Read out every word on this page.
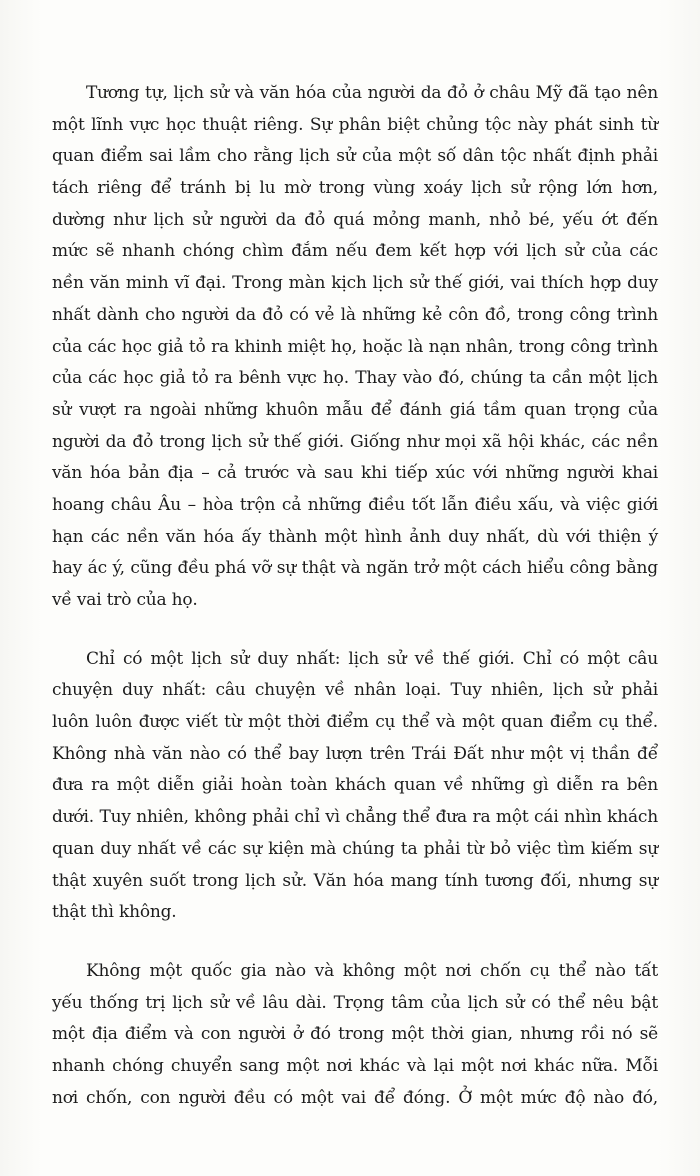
Tương tự, lịch sử và văn hóa của người da đỏ ở châu Mỹ đã tạo nên
một lĩnh vực học thuật riêng. Sự phân biệt chủng tộc này phát sinh từ
quan điểm sai lầm cho rằng lịch sử của một số dân tộc nhất định phải
tách riêng để tránh bị lu mờ trong vùng xoáy lịch sử rộng lớn hơn,
dường như lịch sử người da đỏ quá mỏng manh, nhỏ bé, yếu ớt đến
mức sẽ nhanh chóng chìm đắm nếu đem kết hợp với lịch sử của các
nền văn minh vĩ đại. Trong màn kịch lịch sử thế giới, vai thích hợp duy
nhất dành cho người da đỏ có vẻ là những kẻ côn đồ, trong công trình
của các học giả tỏ ra khinh miệt họ, hoặc là nạn nhân, trong công trình
của các học giả tỏ ra bênh vực họ. Thay vào đó, chúng ta cần một lịch
sử vượt ra ngoài những khuôn mẫu để đánh giá tầm quan trọng của
người da đỏ trong lịch sử thế giới. Giống như mọi xã hội khác, các nền
văn hóa bản địa – cả trước và sau khi tiếp xúc với những người khai
hoang châu Âu – hòa trộn cả những điều tốt lẫn điều xấu, và việc giới
hạn các nền văn hóa ấy thành một hình ảnh duy nhất, dù với thiện ý
hay ác ý, cũng đều phá vỡ sự thật và ngăn trở một cách hiểu công bằng
về vai trò của họ.
Chỉ có một lịch sử duy nhất: lịch sử về thế giới. Chỉ có một câu
chuyện duy nhất: câu chuyện về nhân loại. Tuy nhiên, lịch sử phải
luôn luôn được viết từ một thời điểm cụ thể và một quan điểm cụ thể.
Không nhà văn nào có thể bay lượn trên Trái Đất như một vị thần để
đưa ra một diễn giải hoàn toàn khách quan về những gì diễn ra bên
dưới. Tuy nhiên, không phải chỉ vì chẳng thể đưa ra một cái nhìn khách
quan duy nhất về các sự kiện mà chúng ta phải từ bỏ việc tìm kiếm sự
thật xuyên suốt trong lịch sử. Văn hóa mang tính tương đối, nhưng sự
thật thì không.
Không một quốc gia nào và không một nơi chốn cụ thể nào tất
yếu thống trị lịch sử về lâu dài. Trọng tâm của lịch sử có thể nêu bật
một địa điểm và con người ở đó trong một thời gian, nhưng rồi nó sẽ
nhanh chóng chuyển sang một nơi khác và lại một nơi khác nữa. Mỗi
nơi chốn, con người đều có một vai để đóng. Ở một mức độ nào đó,
